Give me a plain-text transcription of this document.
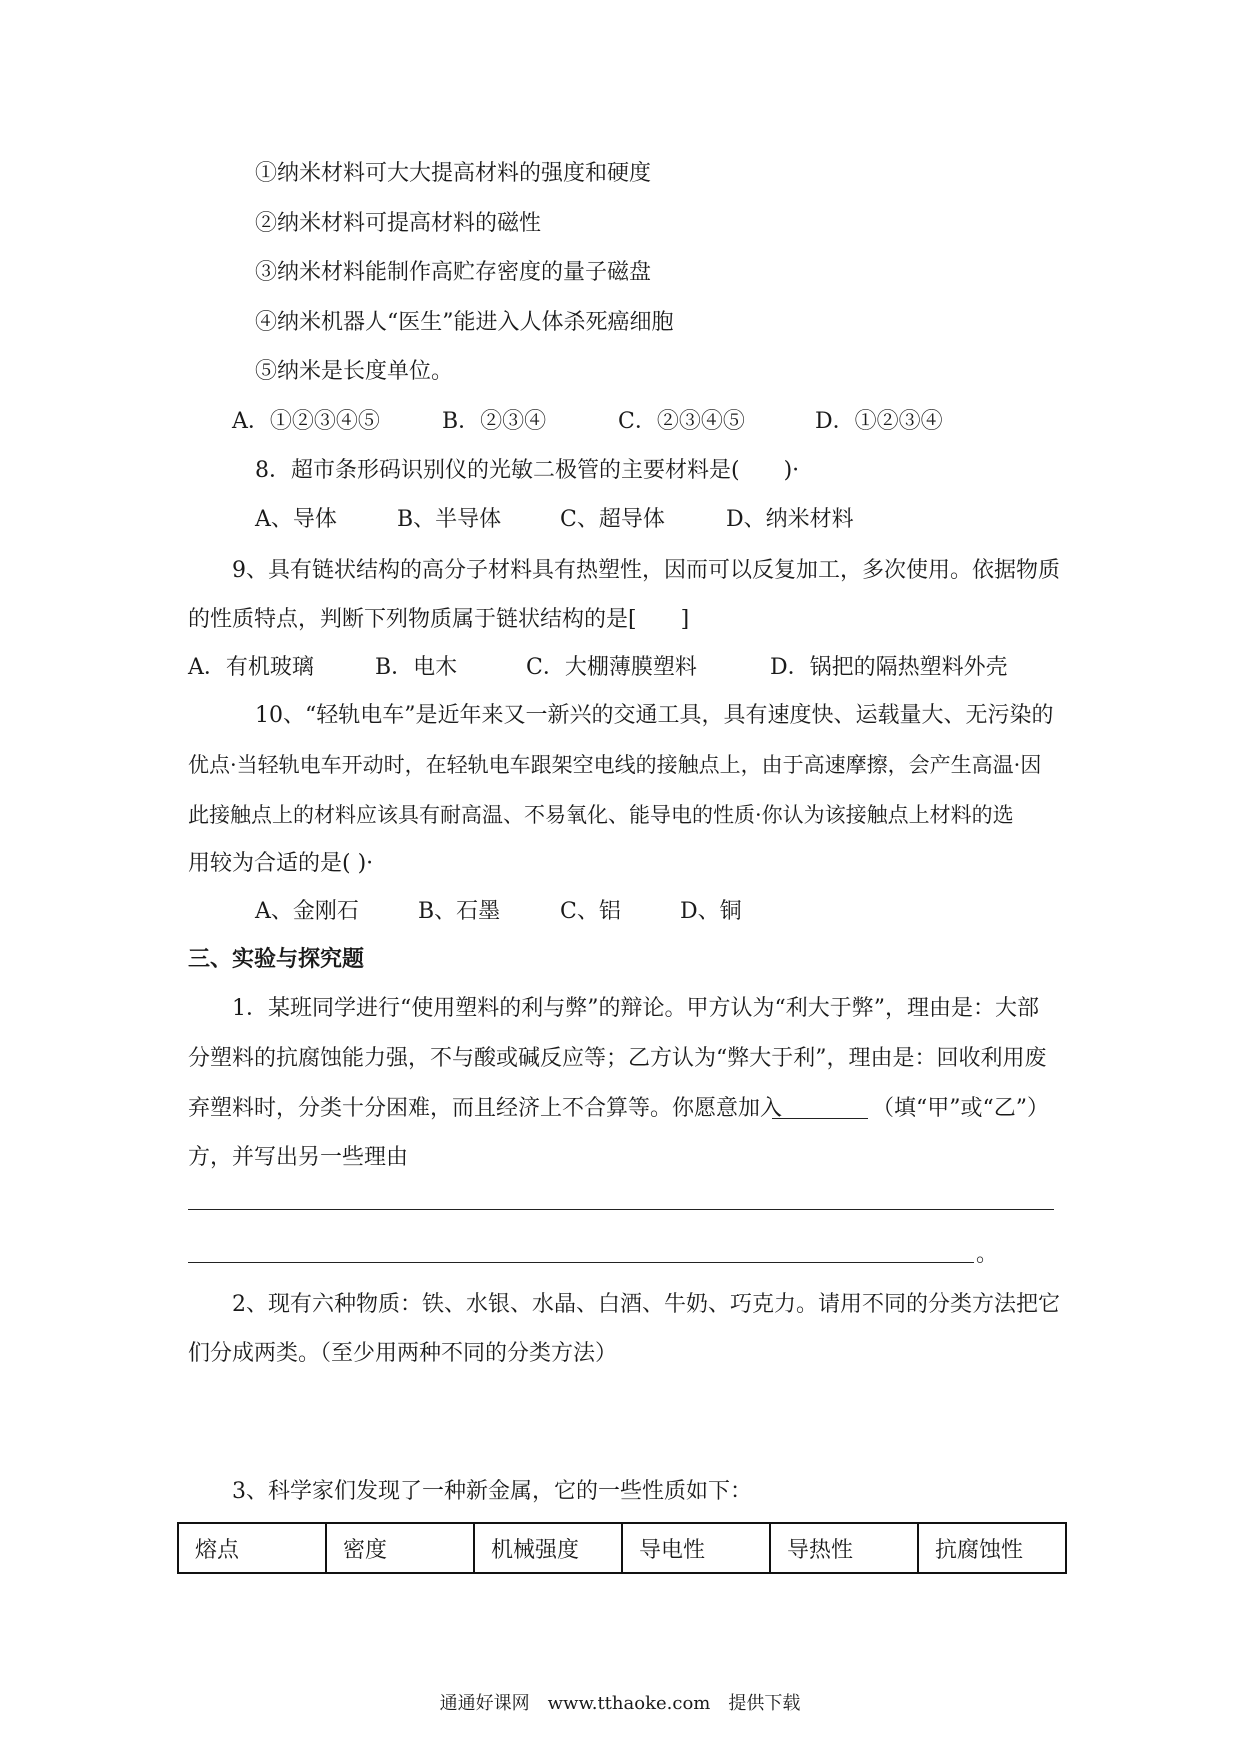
①纳米材料可大大提高材料的强度和硬度
②纳米材料可提高材料的磁性
③纳米材料能制作高贮存密度的量子磁盘
④纳米机器人“医生”能进入人体杀死癌细胞
⑤纳米是长度单位。
A．①②③④⑤	B．②③④	C．②③④⑤	D．①②③④
8．超市条形码识别仪的光敏二极管的主要材料是(　　)·
A、导体	B、半导体	C、超导体	D、纳米材料
9、具有链状结构的高分子材料具有热塑性，因而可以反复加工，多次使用。依据物质
的性质特点，判断下列物质属于链状结构的是[　　]
A．有机玻璃	B．电木	C．大棚薄膜塑料	D．锅把的隔热塑料外壳
10、“轻轨电车”是近年来又一新兴的交通工具，具有速度快、运载量大、无污染的
优点·当轻轨电车开动时，在轻轨电车跟架空电线的接触点上，由于高速摩擦，会产生高温·因
此接触点上的材料应该具有耐高温、不易氧化、能导电的性质·你认为该接触点上材料的选
用较为合适的是( )·
A、金刚石	B、石墨	C、铝	D、铜
三、实验与探究题
1．某班同学进行“使用塑料的利与弊”的辩论。甲方认为“利大于弊”，理由是：大部
分塑料的抗腐蚀能力强，不与酸或碱反应等；乙方认为“弊大于利”，理由是：回收利用废
弃塑料时，分类十分困难，而且经济上不合算等。你愿意加入	（填“甲”或“乙”）
方，并写出另一些理由
。
2、现有六种物质：铁、水银、水晶、白酒、牛奶、巧克力。请用不同的分类方法把它
们分成两类。（至少用两种不同的分类方法）
3、科学家们发现了一种新金属，它的一些性质如下：
熔点	密度	机械强度	导电性	导热性	抗腐蚀性
通通好课网　www.tthaoke.com　提供下载
